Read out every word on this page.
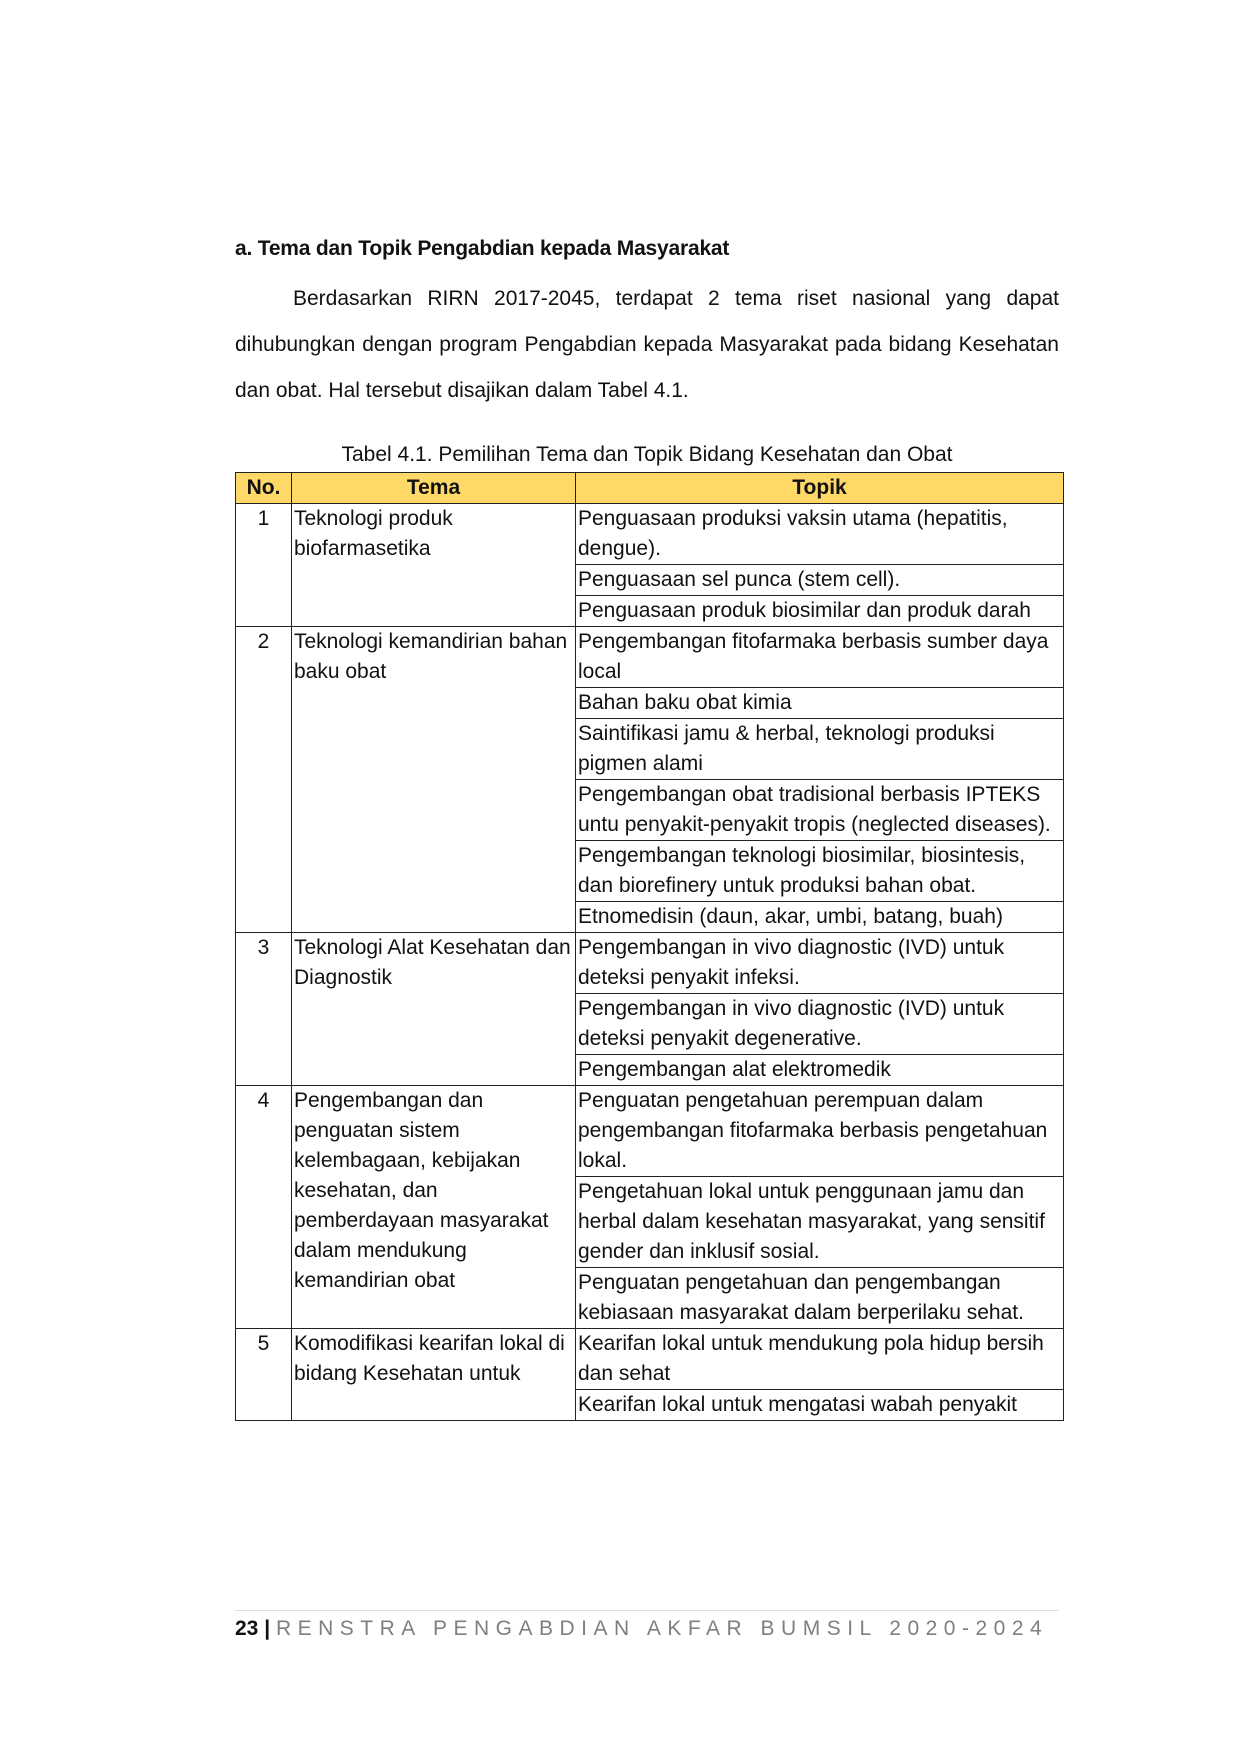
a. Tema dan Topik Pengabdian kepada Masyarakat

Berdasarkan RIRN 2017-2045, terdapat 2 tema riset nasional yang dapat dihubungkan dengan program Pengabdian kepada Masyarakat pada bidang Kesehatan dan obat. Hal tersebut disajikan dalam Tabel 4.1.

Tabel 4.1. Pemilihan Tema dan Topik Bidang Kesehatan dan Obat
No.	Tema	Topik
1	Teknologi produk biofarmasetika	Penguasaan produksi vaksin utama (hepatitis, dengue).
		Penguasaan sel punca (stem cell).
		Penguasaan produk biosimilar dan produk darah
2	Teknologi kemandirian bahan baku obat	Pengembangan fitofarmaka berbasis sumber daya local
		Bahan baku obat kimia
		Saintifikasi jamu & herbal, teknologi produksi pigmen alami
		Pengembangan obat tradisional berbasis IPTEKS untu penyakit-penyakit tropis (neglected diseases).
		Pengembangan teknologi biosimilar, biosintesis, dan biorefinery untuk produksi bahan obat.
		Etnomedisin (daun, akar, umbi, batang, buah)
3	Teknologi Alat Kesehatan dan Diagnostik	Pengembangan in vivo diagnostic (IVD) untuk deteksi penyakit infeksi.
		Pengembangan in vivo diagnostic (IVD) untuk deteksi penyakit degenerative.
		Pengembangan alat elektromedik
4	Pengembangan dan penguatan sistem kelembagaan, kebijakan kesehatan, dan pemberdayaan masyarakat dalam mendukung kemandirian obat	Penguatan pengetahuan perempuan dalam pengembangan fitofarmaka berbasis pengetahuan lokal.
		Pengetahuan lokal untuk penggunaan jamu dan herbal dalam kesehatan masyarakat, yang sensitif gender dan inklusif sosial.
		Penguatan pengetahuan dan pengembangan kebiasaan masyarakat dalam berperilaku sehat.
5	Komodifikasi kearifan lokal di bidang Kesehatan untuk	Kearifan lokal untuk mendukung pola hidup bersih dan sehat
		Kearifan lokal untuk mengatasi wabah penyakit
23 | RENSTRA PENGABDIAN AKFAR BUMSIL 2020-2024
